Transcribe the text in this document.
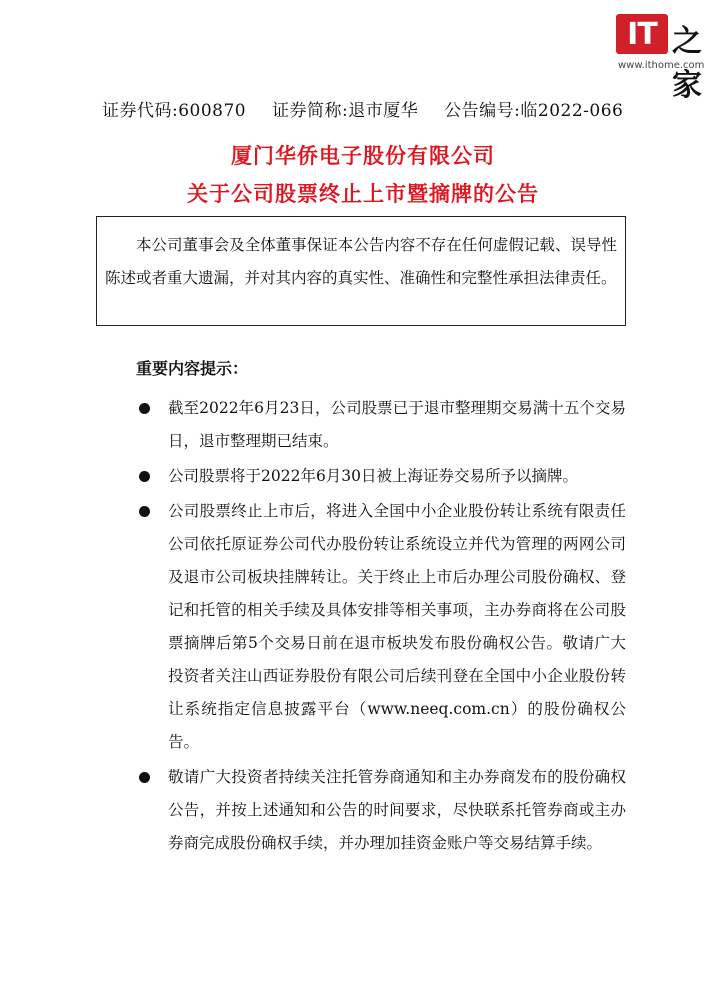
IT 之家
www.ithome.com
证券代码:600870 证券简称:退市厦华 公告编号:临2022-066
厦门华侨电子股份有限公司
关于公司股票终止上市暨摘牌的公告
本公司董事会及全体董事保证本公告内容不存在任何虚假记载、误导性陈述或者重大遗漏，并对其内容的真实性、准确性和完整性承担法律责任。
重要内容提示：
截至2022年6月23日，公司股票已于退市整理期交易满十五个交易日，退市整理期已结束。
公司股票将于2022年6月30日被上海证券交易所予以摘牌。
公司股票终止上市后，将进入全国中小企业股份转让系统有限责任公司依托原证券公司代办股份转让系统设立并代为管理的两网公司及退市公司板块挂牌转让。关于终止上市后办理公司股份确权、登记和托管的相关手续及具体安排等相关事项，主办券商将在公司股票摘牌后第5个交易日前在退市板块发布股份确权公告。敬请广大投资者关注山西证券股份有限公司后续刊登在全国中小企业股份转让系统指定信息披露平台（www.neeq.com.cn）的股份确权公告。
敬请广大投资者持续关注托管券商通知和主办券商发布的股份确权公告，并按上述通知和公告的时间要求，尽快联系托管券商或主办券商完成股份确权手续，并办理加挂资金账户等交易结算手续。
